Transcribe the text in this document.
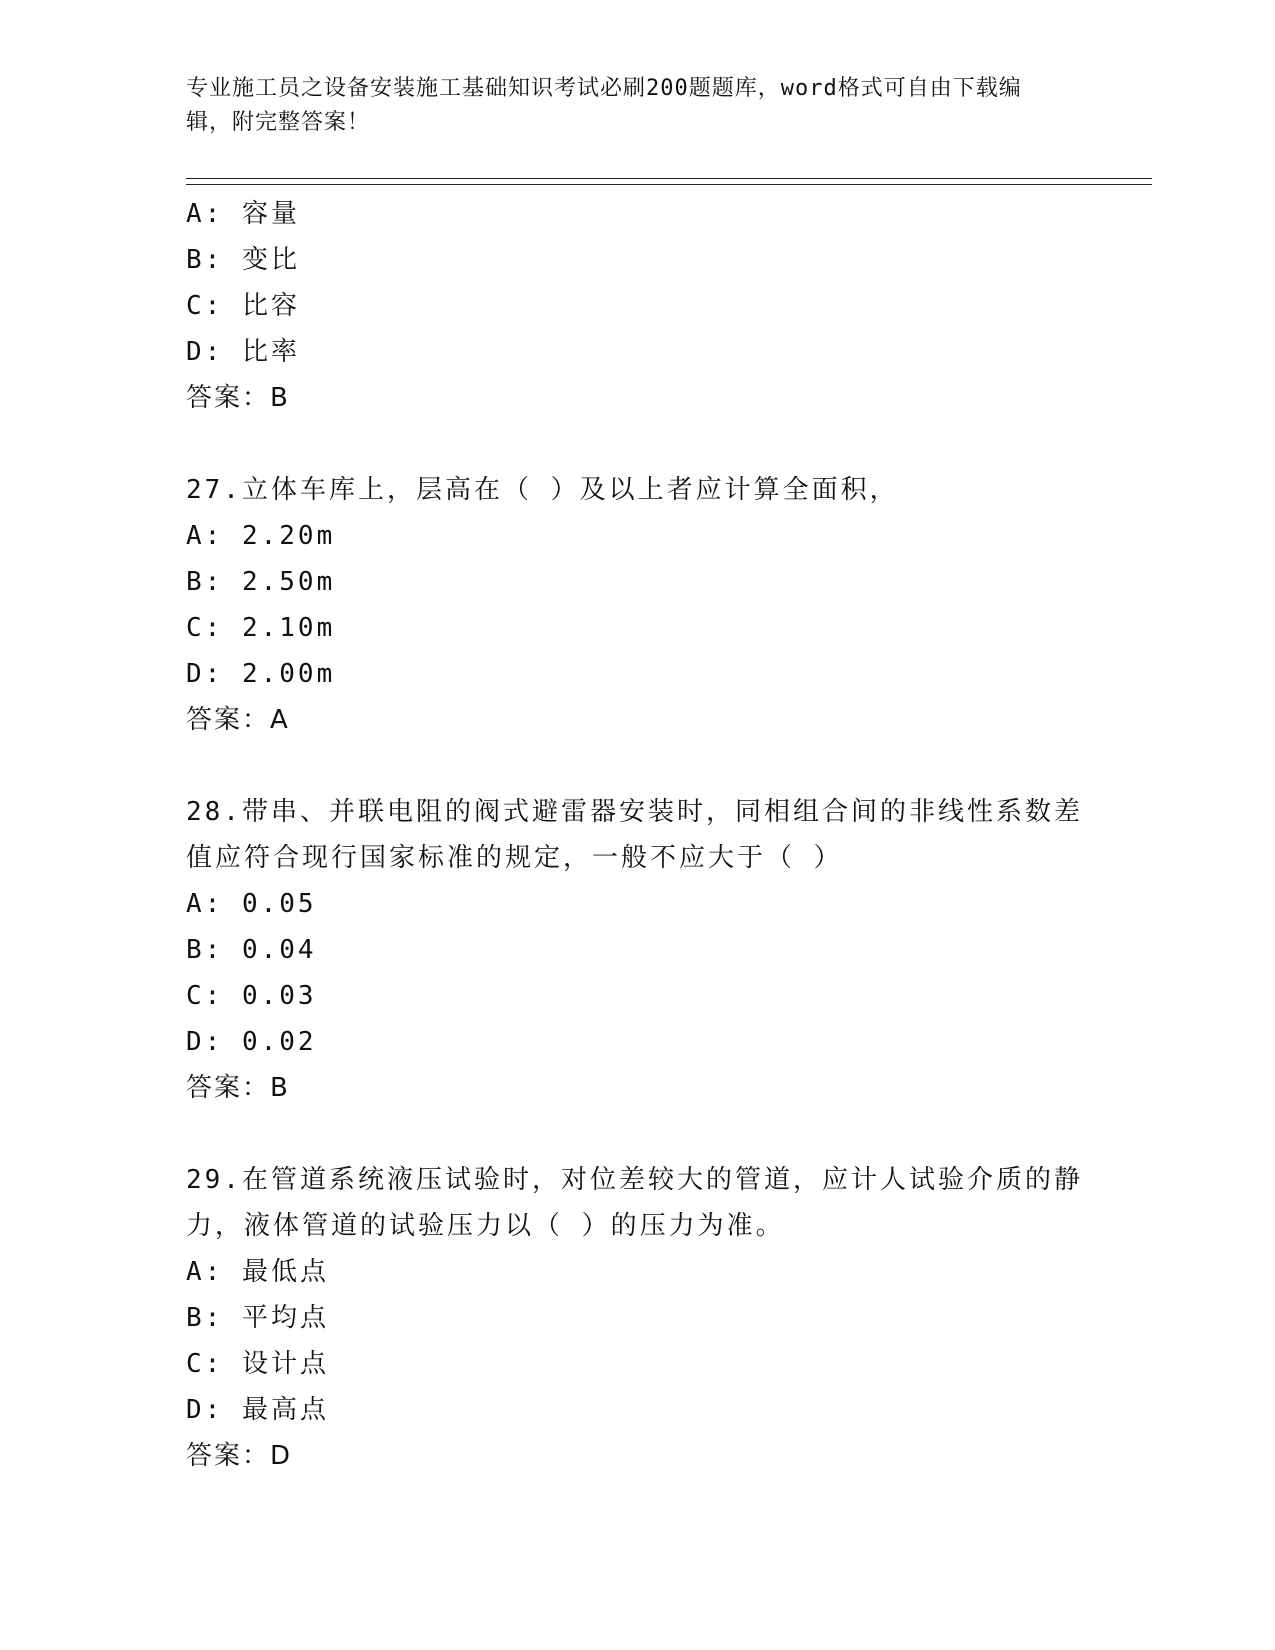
专业施工员之设备安装施工基础知识考试必刷200题题库，word格式可自由下载编辑，附完整答案！
A: 容量
B: 变比
C: 比容
D: 比率
答案：B
27.立体车库上，层高在（ ）及以上者应计算全面积，
A: 2.20m
B: 2.50m
C: 2.10m
D: 2.00m
答案：A
28.带串、并联电阻的阀式避雷器安装时，同相组合间的非线性系数差值应符合现行国家标准的规定，一般不应大于（ ）
A: 0.05
B: 0.04
C: 0.03
D: 0.02
答案：B
29.在管道系统液压试验时，对位差较大的管道，应计人试验介质的静力，液体管道的试验压力以（ ）的压力为准。
A: 最低点
B: 平均点
C: 设计点
D: 最高点
答案：D
